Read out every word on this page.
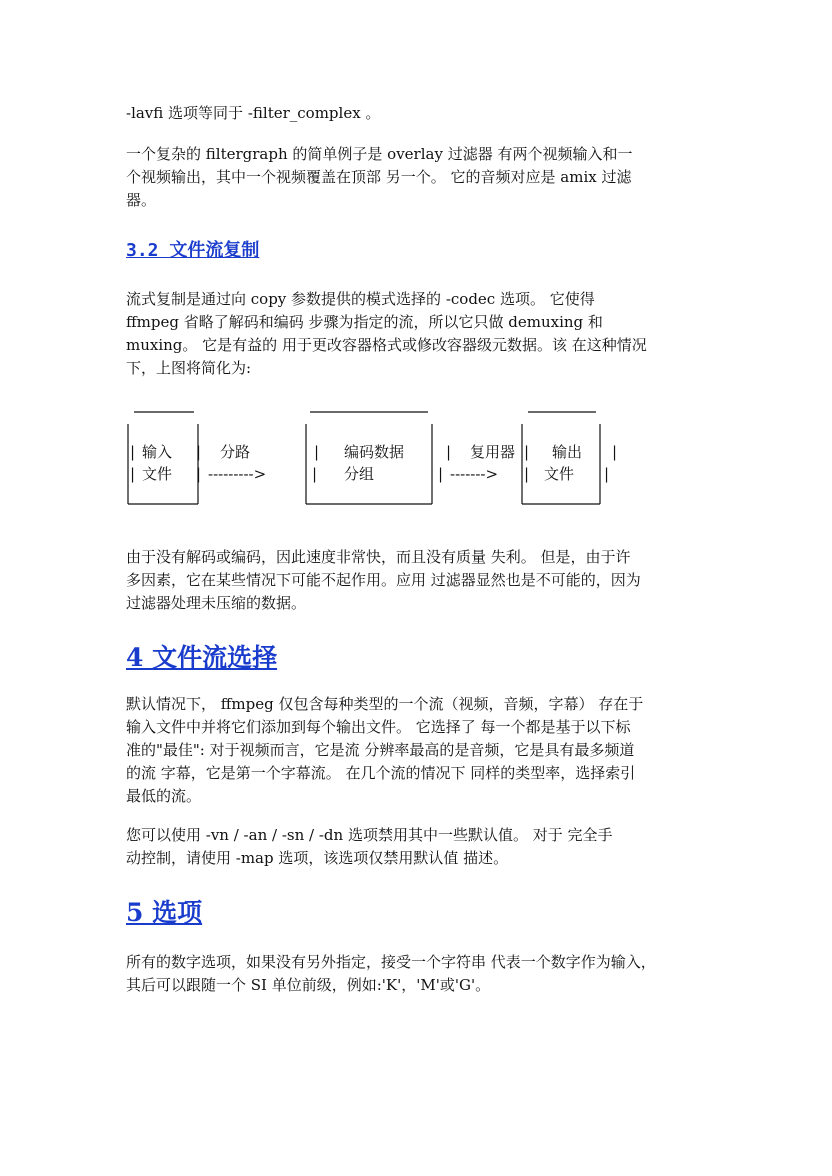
-lavfi 选项等同于 -filter_complex 。
一个复杂的 filtergraph 的简单例子是 overlay 过滤器 有两个视频输入和一
个视频输出，其中一个视频覆盖在顶部 另一个。 它的音频对应是 amix 过滤
器。
3.2 文件流复制
流式复制是通过向 copy 参数提供的模式选择的 -codec 选项。 它使得
ffmpeg 省略了解码和编码 步骤为指定的流，所以它只做 demuxing 和
muxing。 它是有益的 用于更改容器格式或修改容器级元数据。该 在这种情况
下，上图将简化为:
|	|
|	|
|	|
|	|
|	|
|	|
输入
文件
分路
--------->
编码数据
分组
复用器
------->
输出
文件
由于没有解码或编码，因此速度非常快，而且没有质量 失利。 但是，由于许
多因素，它在某些情况下可能不起作用。应用 过滤器显然也是不可能的，因为
过滤器处理未压缩的数据。
4 文件流选择
默认情况下， ffmpeg 仅包含每种类型的一个流（视频，音频，字幕） 存在于
输入文件中并将它们添加到每个输出文件。 它选择了 每一个都是基于以下标
准的"最佳": 对于视频而言，它是流 分辨率最高的是音频，它是具有最多频道
的流 字幕，它是第一个字幕流。 在几个流的情况下 同样的类型率，选择索引
最低的流。
您可以使用 -vn / -an / -sn / -dn 选项禁用其中一些默认值。 对于 完全手
动控制，请使用 -map 选项，该选项仅禁用默认值 描述。
5 选项
所有的数字选项，如果没有另外指定，接受一个字符串 代表一个数字作为输入，
其后可以跟随一个 SI 单位前级，例如:'K'，'M'或'G'。
